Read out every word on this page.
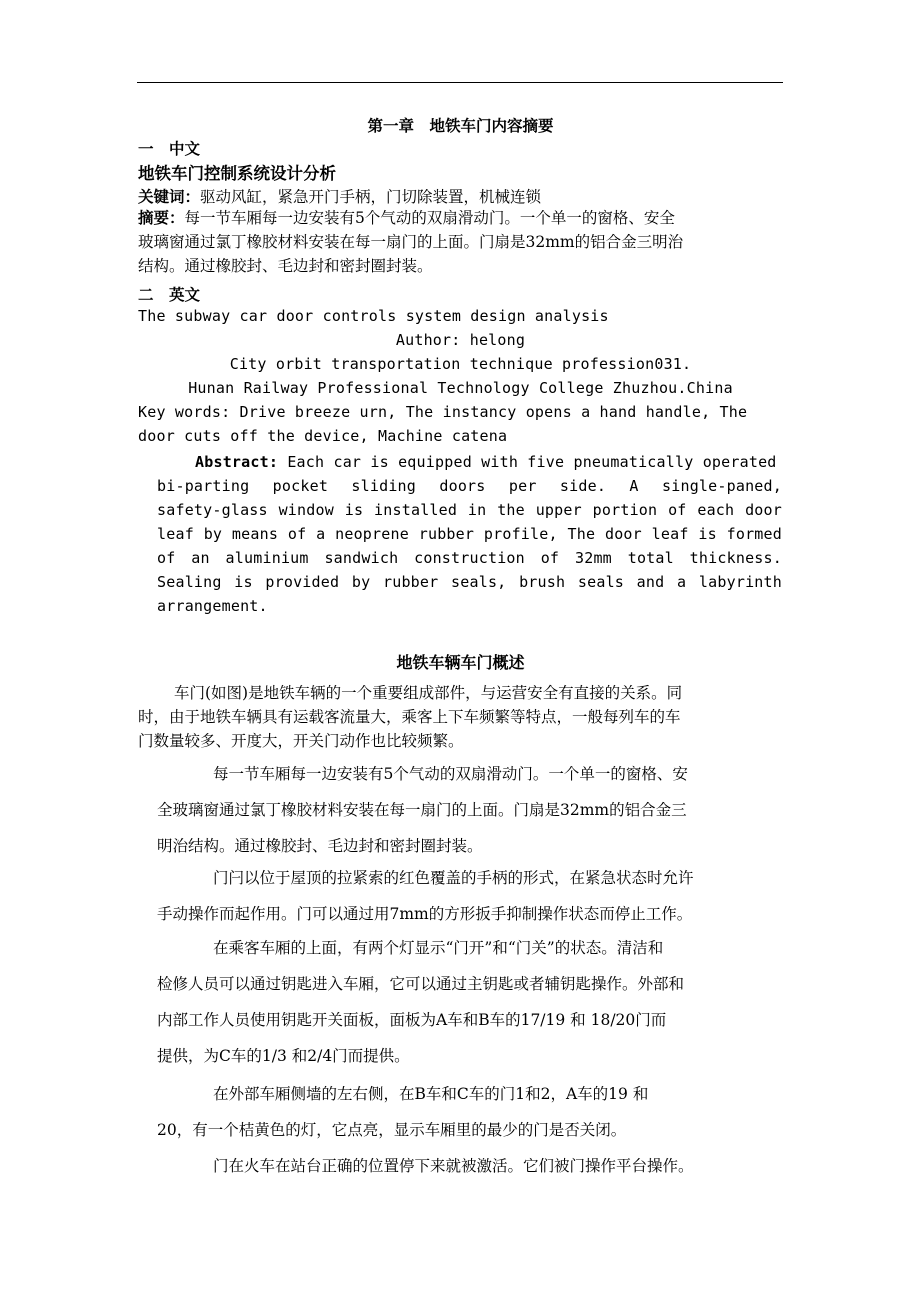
第一章　地铁车门内容摘要
一　中文
地铁车门控制系统设计分析
关键词：驱动风缸，紧急开门手柄，门切除装置，机械连锁

摘要：每一节车厢每一边安装有5个气动的双扇滑动门。一个单一的窗格、安全

玻璃窗通过氯丁橡胶材料安装在每一扇门的上面。门扇是32mm的铝合金三明治

结构。通过橡胶封、毛边封和密封圈封装。

二　英文
The subway car door controls system design analysis
Author: helong
City orbit transportation technique profession031.
Hunan Railway Professional Technology College Zhuzhou.China

Key words: Drive breeze urn, The instancy opens a hand handle, The

door cuts off the device, Machine catena

Abstract: Each car is equipped with five pneumatically operated

bi-parting pocket sliding doors per side. A single-paned,

safety-glass window is installed in the upper portion of each door

leaf by means of a neoprene rubber profile, The door leaf is formed

of an aluminium sandwich construction of 32mm total thickness.

Sealing is provided by rubber seals, brush seals and a labyrinth

arrangement.

地铁车辆车门概述

车门(如图)是地铁车辆的一个重要组成部件，与运营安全有直接的关系。同

时，由于地铁车辆具有运载客流量大，乘客上下车频繁等特点，一般每列车的车

门数量较多、开度大，开关门动作也比较频繁。

每一节车厢每一边安装有5个气动的双扇滑动门。一个单一的窗格、安

全玻璃窗通过氯丁橡胶材料安装在每一扇门的上面。门扇是32mm的铝合金三

明治结构。通过橡胶封、毛边封和密封圈封装。

门闩以位于屋顶的拉紧索的红色覆盖的手柄的形式，在紧急状态时允许

手动操作而起作用。门可以通过用7mm的方形扳手抑制操作状态而停止工作。

在乘客车厢的上面，有两个灯显示“门开”和“门关”的状态。清洁和

检修人员可以通过钥匙进入车厢，它可以通过主钥匙或者辅钥匙操作。外部和

内部工作人员使用钥匙开关面板，面板为A车和B车的17/19 和 18/20门而

提供，为C车的1/3 和2/4门而提供。

在外部车厢侧墙的左右侧，在B车和C车的门1和2，A车的19 和

20，有一个桔黄色的灯，它点亮，显示车厢里的最少的门是否关闭。

门在火车在站台正确的位置停下来就被激活。它们被门操作平台操作。
